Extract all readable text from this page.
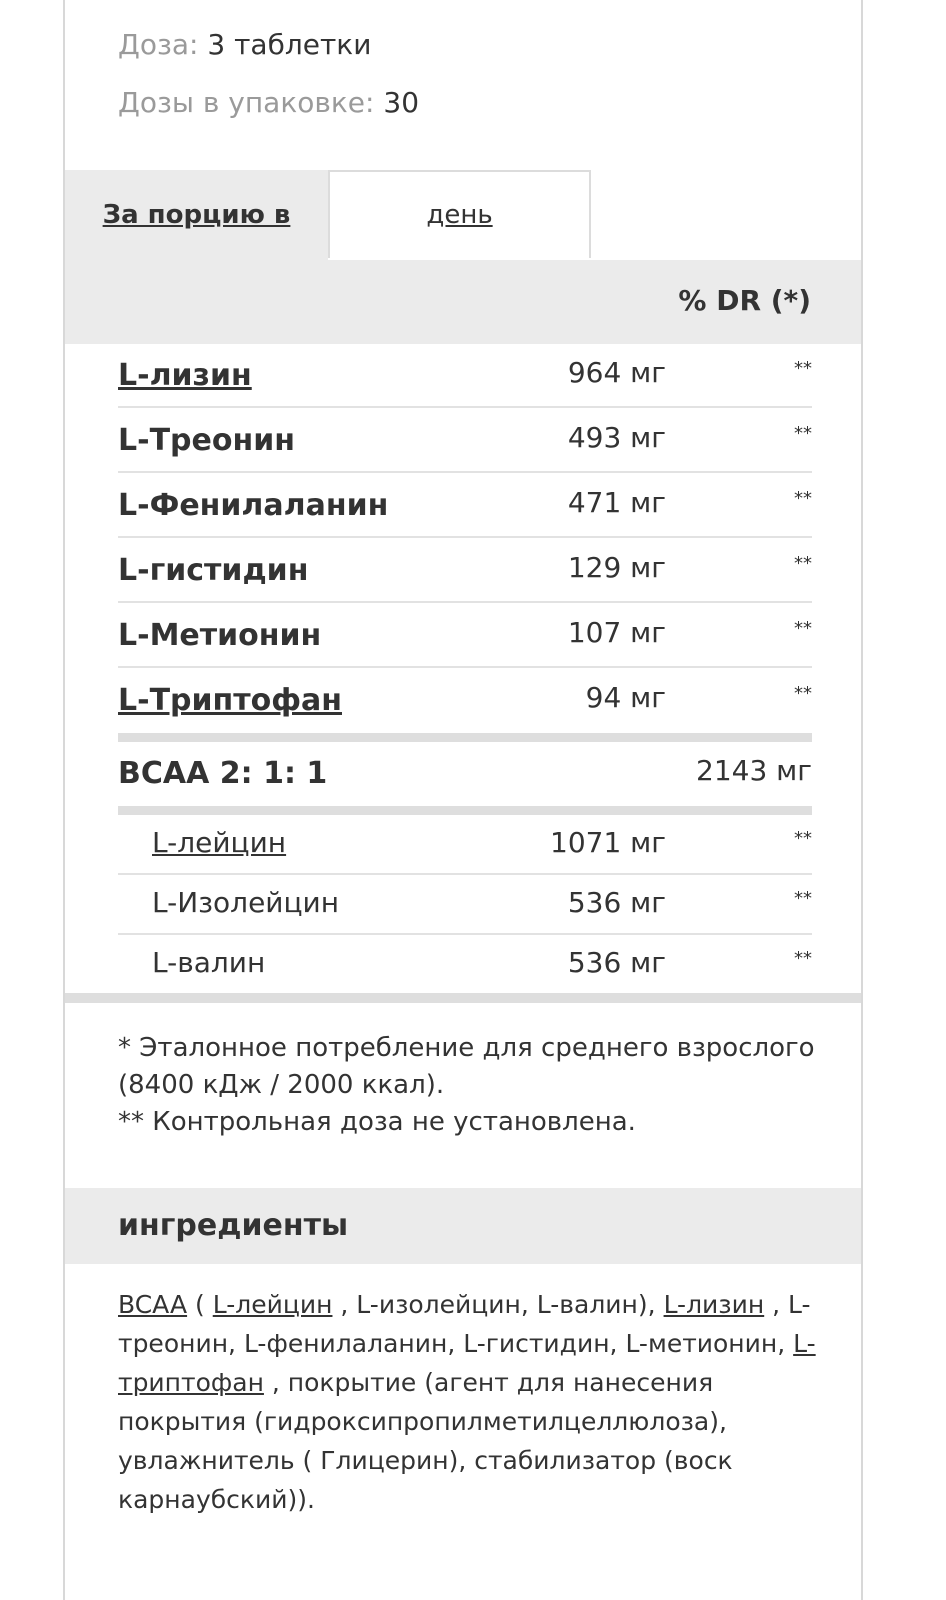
Доза: 3 таблетки
Дозы в упаковке: 30
За порцию в	день
% DR (*)
L-лизин	964 мг	**
L-Треонин	493 мг	**
L-Фенилаланин	471 мг	**
L-гистидин	129 мг	**
L-Метионин	107 мг	**
L-Триптофан	94 мг	**
BCAA 2: 1: 1	2143 мг
L-лейцин	1071 мг	**
L-Изолейцин	536 мг	**
L-валин	536 мг	**
* Эталонное потребление для среднего взрослого (8400 кДж / 2000 ккал).
** Контрольная доза не установлена.
ингредиенты
BCAA ( L-лейцин , L-изолейцин, L-валин), L-лизин , L-треонин, L-фенилаланин, L-гистидин, L-метионин, L-триптофан , покрытие (агент для нанесения покрытия (гидроксипропилметилцеллюлоза), увлажнитель ( Глицерин), стабилизатор (воск карнаубский)).
